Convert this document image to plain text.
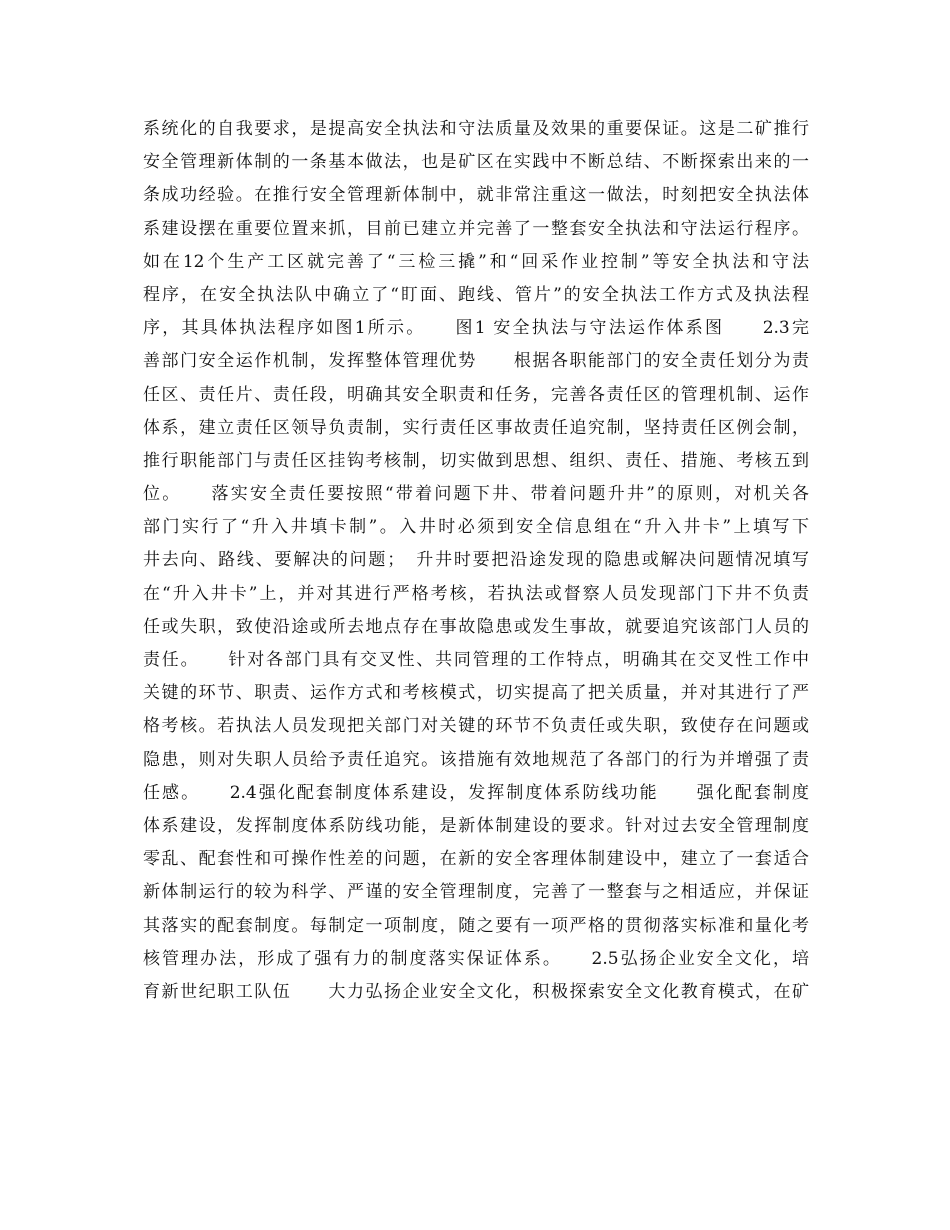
系统化的自我要求，是提高安全执法和守法质量及效果的重要保证。这是二矿推行
安全管理新体制的一条基本做法，也是矿区在实践中不断总结、不断探索出来的一
条成功经验。在推行安全管理新体制中，就非常注重这一做法，时刻把安全执法体
系建设摆在重要位置来抓，目前已建立并完善了一整套安全执法和守法运行程序。
如在12个生产工区就完善了“三检三撬”和“回采作业控制”等安全执法和守法
程序，在安全执法队中确立了“盯面、跑线、管片”的安全执法工作方式及执法程
序，其具体执法程序如图1所示。　　图1 安全执法与守法运作体系图　　2.3完
善部门安全运作机制，发挥整体管理优势　　根据各职能部门的安全责任划分为责
任区、责任片、责任段，明确其安全职责和任务，完善各责任区的管理机制、运作
体系，建立责任区领导负责制，实行责任区事故责任追究制，坚持责任区例会制，
推行职能部门与责任区挂钩考核制，切实做到思想、组织、责任、措施、考核五到
位。　　落实安全责任要按照“带着问题下井、带着问题升井”的原则，对机关各
部门实行了“升入井填卡制”。入井时必须到安全信息组在“升入井卡”上填写下
井去向、路线、要解决的问题；　升井时要把沿途发现的隐患或解决问题情况填写
在“升入井卡”上，并对其进行严格考核，若执法或督察人员发现部门下井不负责
任或失职，致使沿途或所去地点存在事故隐患或发生事故，就要追究该部门人员的
责任。　　针对各部门具有交叉性、共同管理的工作特点，明确其在交叉性工作中
关键的环节、职责、运作方式和考核模式，切实提高了把关质量，并对其进行了严
格考核。若执法人员发现把关部门对关键的环节不负责任或失职，致使存在问题或
隐患，则对失职人员给予责任追究。该措施有效地规范了各部门的行为并增强了责
任感。　　2.4强化配套制度体系建设，发挥制度体系防线功能　　强化配套制度
体系建设，发挥制度体系防线功能，是新体制建设的要求。针对过去安全管理制度
零乱、配套性和可操作性差的问题，在新的安全客理体制建设中，建立了一套适合
新体制运行的较为科学、严谨的安全管理制度，完善了一整套与之相适应，并保证
其落实的配套制度。每制定一项制度，随之要有一项严格的贯彻落实标准和量化考
核管理办法，形成了强有力的制度落实保证体系。　　2.5弘扬企业安全文化，培
育新世纪职工队伍　　大力弘扬企业安全文化，积极探索安全文化教育模式，在矿
